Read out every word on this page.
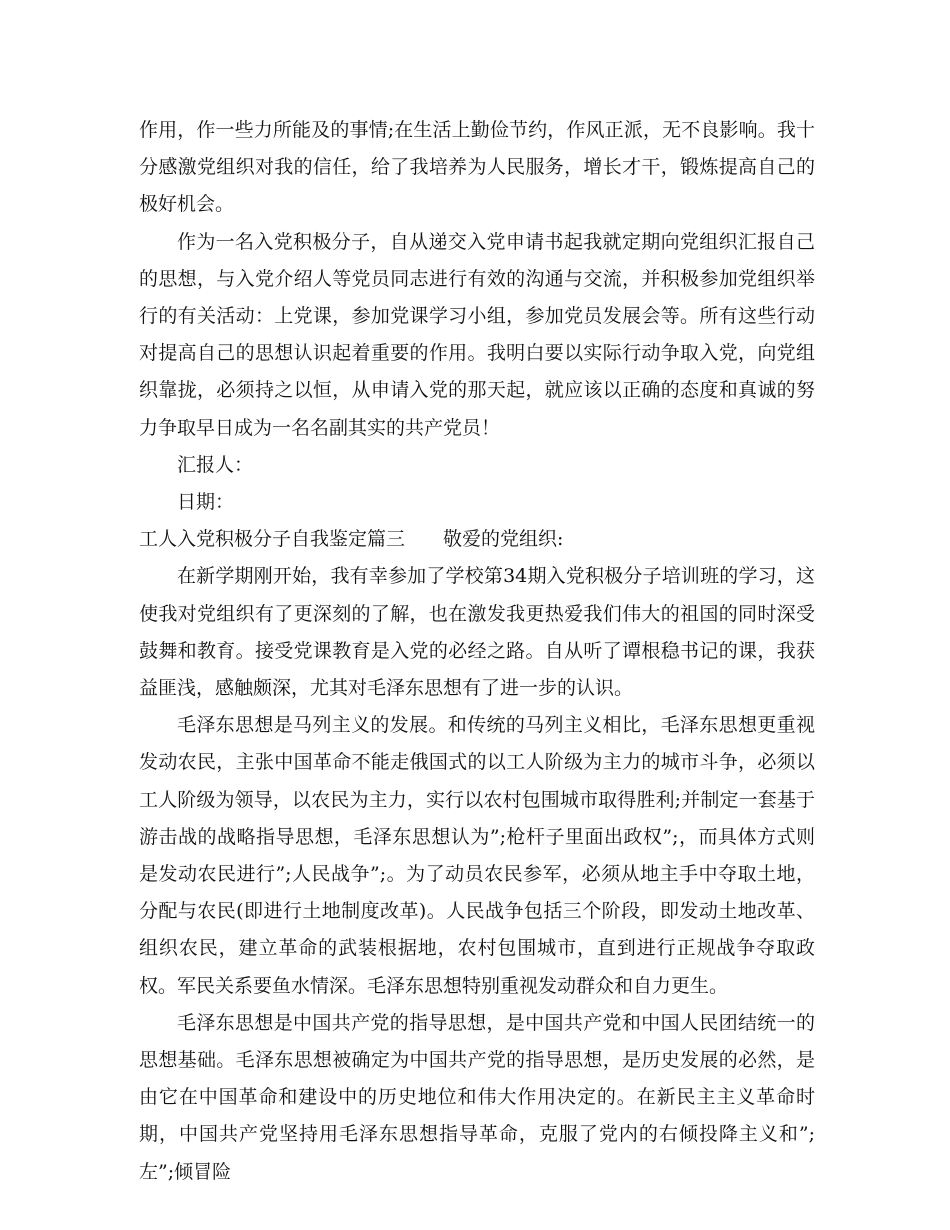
作用，作一些力所能及的事情;在生活上勤俭节约，作风正派，无不良影响。我十分感激党组织对我的信任，给了我培养为人民服务，增长才干，锻炼提高自己的极好机会。

作为一名入党积极分子，自从递交入党申请书起我就定期向党组织汇报自己的思想，与入党介绍人等党员同志进行有效的沟通与交流，并积极参加党组织举行的有关活动：上党课，参加党课学习小组，参加党员发展会等。所有这些行动对提高自己的思想认识起着重要的作用。我明白要以实际行动争取入党，向党组织靠拢，必须持之以恒，从申请入党的那天起，就应该以正确的态度和真诚的努力争取早日成为一名名副其实的共产党员！

汇报人：

日期：

工人入党积极分子自我鉴定篇三 敬爱的党组织:

在新学期刚开始，我有幸参加了学校第34期入党积极分子培训班的学习，这使我对党组织有了更深刻的了解，也在激发我更热爱我们伟大的祖国的同时深受鼓舞和教育。接受党课教育是入党的必经之路。自从听了谭根稳书记的课，我获益匪浅，感触颇深，尤其对毛泽东思想有了进一步的认识。

毛泽东思想是马列主义的发展。和传统的马列主义相比，毛泽东思想更重视发动农民，主张中国革命不能走俄国式的以工人阶级为主力的城市斗争，必须以工人阶级为领导，以农民为主力，实行以农村包围城市取得胜利;并制定一套基于游击战的战略指导思想，毛泽东思想认为”;枪杆子里面出政权”;，而具体方式则是发动农民进行”;人民战争”;。为了动员农民参军，必须从地主手中夺取土地，分配与农民(即进行土地制度改革)。人民战争包括三个阶段，即发动土地改革、组织农民，建立革命的武装根据地，农村包围城市，直到进行正规战争夺取政权。军民关系要鱼水情深。毛泽东思想特别重视发动群众和自力更生。

毛泽东思想是中国共产党的指导思想，是中国共产党和中国人民团结统一的思想基础。毛泽东思想被确定为中国共产党的指导思想，是历史发展的必然，是由它在中国革命和建设中的历史地位和伟大作用决定的。在新民主主义革命时期，中国共产党坚持用毛泽东思想指导革命，克服了党内的右倾投降主义和”;左”;倾冒险
